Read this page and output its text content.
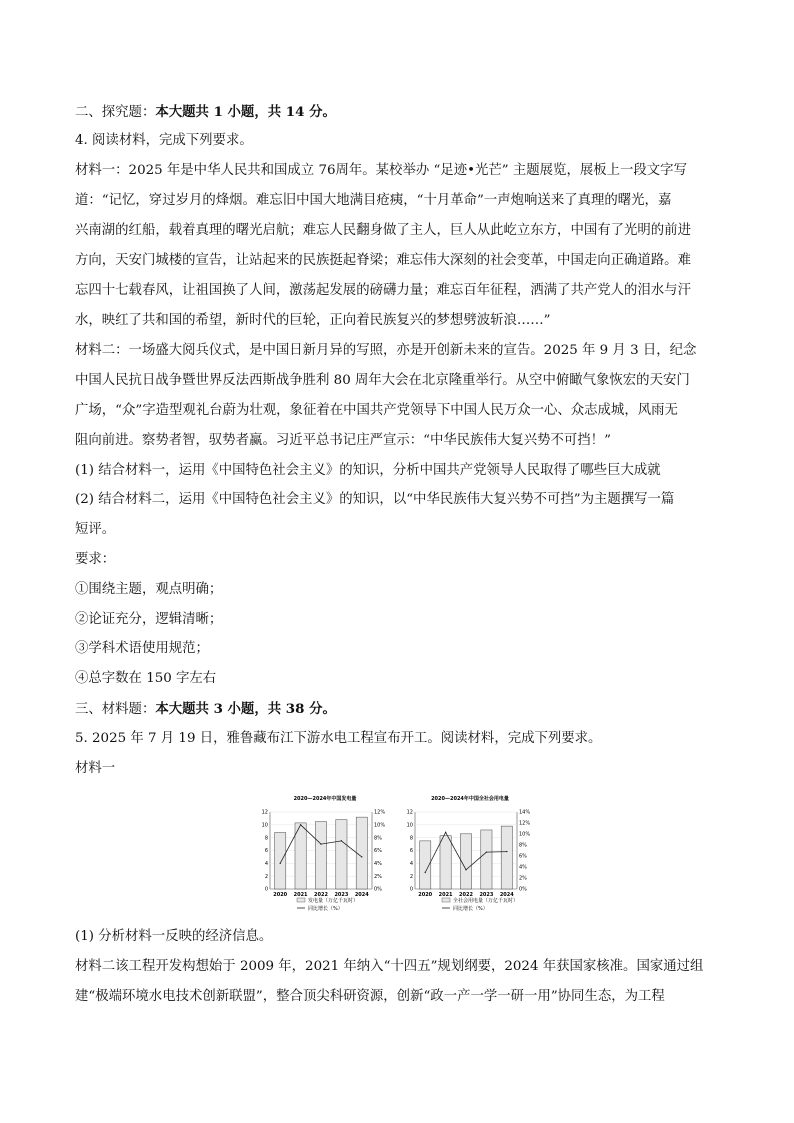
二、探究题：本大题共 1 小题，共 14 分。
4. 阅读材料，完成下列要求。
材料一：2025 年是中华人民共和国成立 76周年。某校举办 “足迹•光芒” 主题展览，展板上一段文字写
道：“记忆，穿过岁月的烽烟。难忘旧中国大地满目疮痍，“十月革命”一声炮响送来了真理的曙光，嘉
兴南湖的红船，载着真理的曙光启航；难忘人民翻身做了主人，巨人从此屹立东方，中国有了光明的前进
方向，天安门城楼的宣告，让站起来的民族挺起脊梁；难忘伟大深刻的社会变革，中国走向正确道路。难
忘四十七载春风，让祖国换了人间，激荡起发展的磅礴力量；难忘百年征程，洒满了共产党人的泪水与汗
水，映红了共和国的希望，新时代的巨轮，正向着民族复兴的梦想劈波斩浪……”
材料二：一场盛大阅兵仪式，是中国日新月异的写照，亦是开创新未来的宣告。2025 年 9 月 3 日，纪念
中国人民抗日战争暨世界反法西斯战争胜利 80 周年大会在北京隆重举行。从空中俯瞰气象恢宏的天安门
广场，“众”字造型观礼台蔚为壮观，象征着在中国共产党领导下中国人民万众一心、众志成城，风雨无
阻向前进。察势者智，驭势者赢。习近平总书记庄严宣示：“中华民族伟大复兴势不可挡！”
(1) 结合材料一，运用《中国特色社会主义》的知识，分析中国共产党领导人民取得了哪些巨大成就
(2) 结合材料二，运用《中国特色社会主义》的知识，以“中华民族伟大复兴势不可挡”为主题撰写一篇
短评。
要求：
①围绕主题，观点明确；
②论证充分，逻辑清晰；
③学科术语使用规范；
④总字数在 150 字左右
三、材料题：本大题共 3 小题，共 38 分。
5. 2025 年 7 月 19 日，雅鲁藏布江下游水电工程宣布开工。阅读材料，完成下列要求。
材料一
2020—2024年中国发电量
0
2
4
6
8
10
12
0%
2%
4%
6%
8%
10%
12%
2020 2021 2022 2023 2024
发电量（万亿千瓦时）
同比增长（%）
2020—2024年中国全社会用电量
0
2
4
6
8
10
12
0%
2%
4%
6%
8%
10%
12%
14%
2020 2021 2022 2023 2024
全社会用电量（万亿千瓦时）
同比增长（%）
(1) 分析材料一反映的经济信息。
材料二该工程开发构想始于 2009 年，2021 年纳入“十四五”规划纲要，2024 年获国家核准。国家通过组
建“极端环境水电技术创新联盟”，整合顶尖科研资源，创新“政一产一学一研一用”协同生态，为工程
